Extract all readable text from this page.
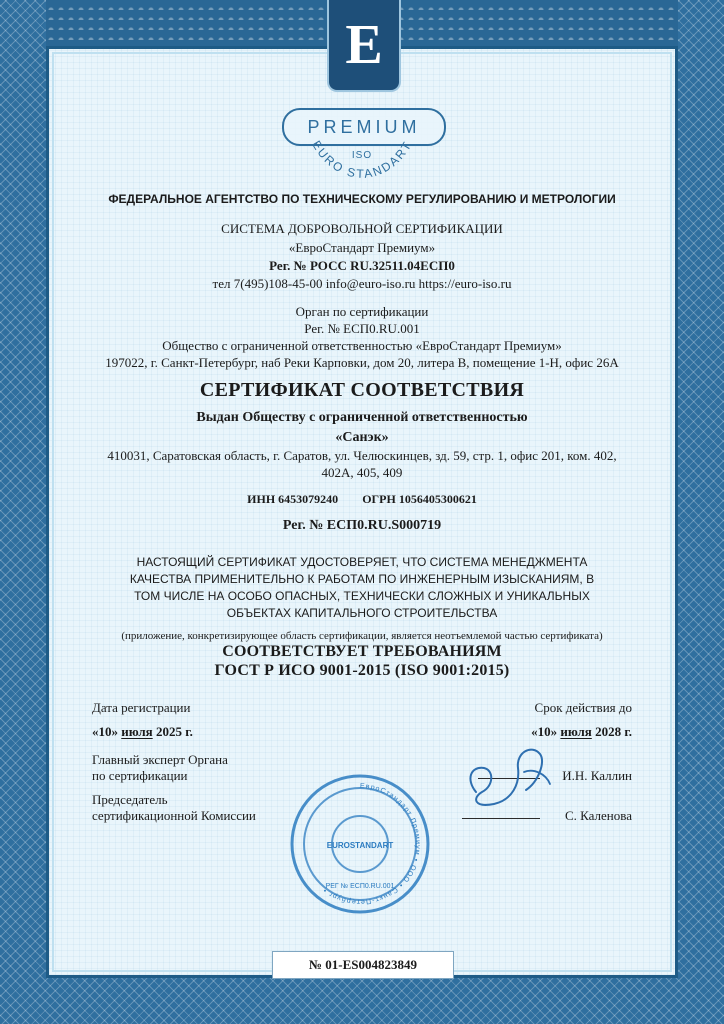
E
PREMIUM
ISO
EURO STANDART
ФЕДЕРАЛЬНОЕ АГЕНТСТВО ПО ТЕХНИЧЕСКОМУ РЕГУЛИРОВАНИЮ И МЕТРОЛОГИИ
СИСТЕМА ДОБРОВОЛЬНОЙ СЕРТИФИКАЦИИ
«ЕвроСтандарт Премиум»
Рег. № РОСС RU.32511.04ЕСП0
тел 7(495)108-45-00 info@euro-iso.ru https://euro-iso.ru
Орган по сертификации
Рег. № ЕСП0.RU.001
Общество с ограниченной ответственностью «ЕвроСтандарт Премиум»
197022, г. Санкт-Петербург, наб Реки Карповки, дом 20, литера В, помещение 1-Н, офис 26А
СЕРТИФИКАТ СООТВЕТСТВИЯ
Выдан Обществу с ограниченной ответственностью
«Санэк»
410031, Саратовская область, г. Саратов, ул. Челюскинцев, зд. 59, стр. 1, офис 201, ком. 402,
402А, 405, 409
ИНН 6453079240 ОГРН 1056405300621
Рег. № ЕСП0.RU.S000719
НАСТОЯЩИЙ СЕРТИФИКАТ УДОСТОВЕРЯЕТ, ЧТО СИСТЕМА МЕНЕДЖМЕНТА
КАЧЕСТВА ПРИМЕНИТЕЛЬНО К РАБОТАМ ПО ИНЖЕНЕРНЫМ ИЗЫСКАНИЯМ, В
ТОМ ЧИСЛЕ НА ОСОБО ОПАСНЫХ, ТЕХНИЧЕСКИ СЛОЖНЫХ И УНИКАЛЬНЫХ
ОБЪЕКТАХ КАПИТАЛЬНОГО СТРОИТЕЛЬСТВА
(приложение, конкретизирующее область сертификации, является неотъемлемой частью сертификата)
СООТВЕТСТВУЕТ ТРЕБОВАНИЯМ
ГОСТ Р ИСО 9001-2015 (ISO 9001:2015)
Дата регистрации
«10» июля 2025 г.
Срок действия до
«10» июля 2028 г.
Главный эксперт Органа
по сертификации	И.Н. Каллин
Председатель
сертификационной Комиссии	С. Каленова
ЕвроСтандарт Премиум • ООО • Санкт-Петербург •
EUROSTANDART
РЕГ № ЕСП0.RU.001
№ 01-ES004823849
